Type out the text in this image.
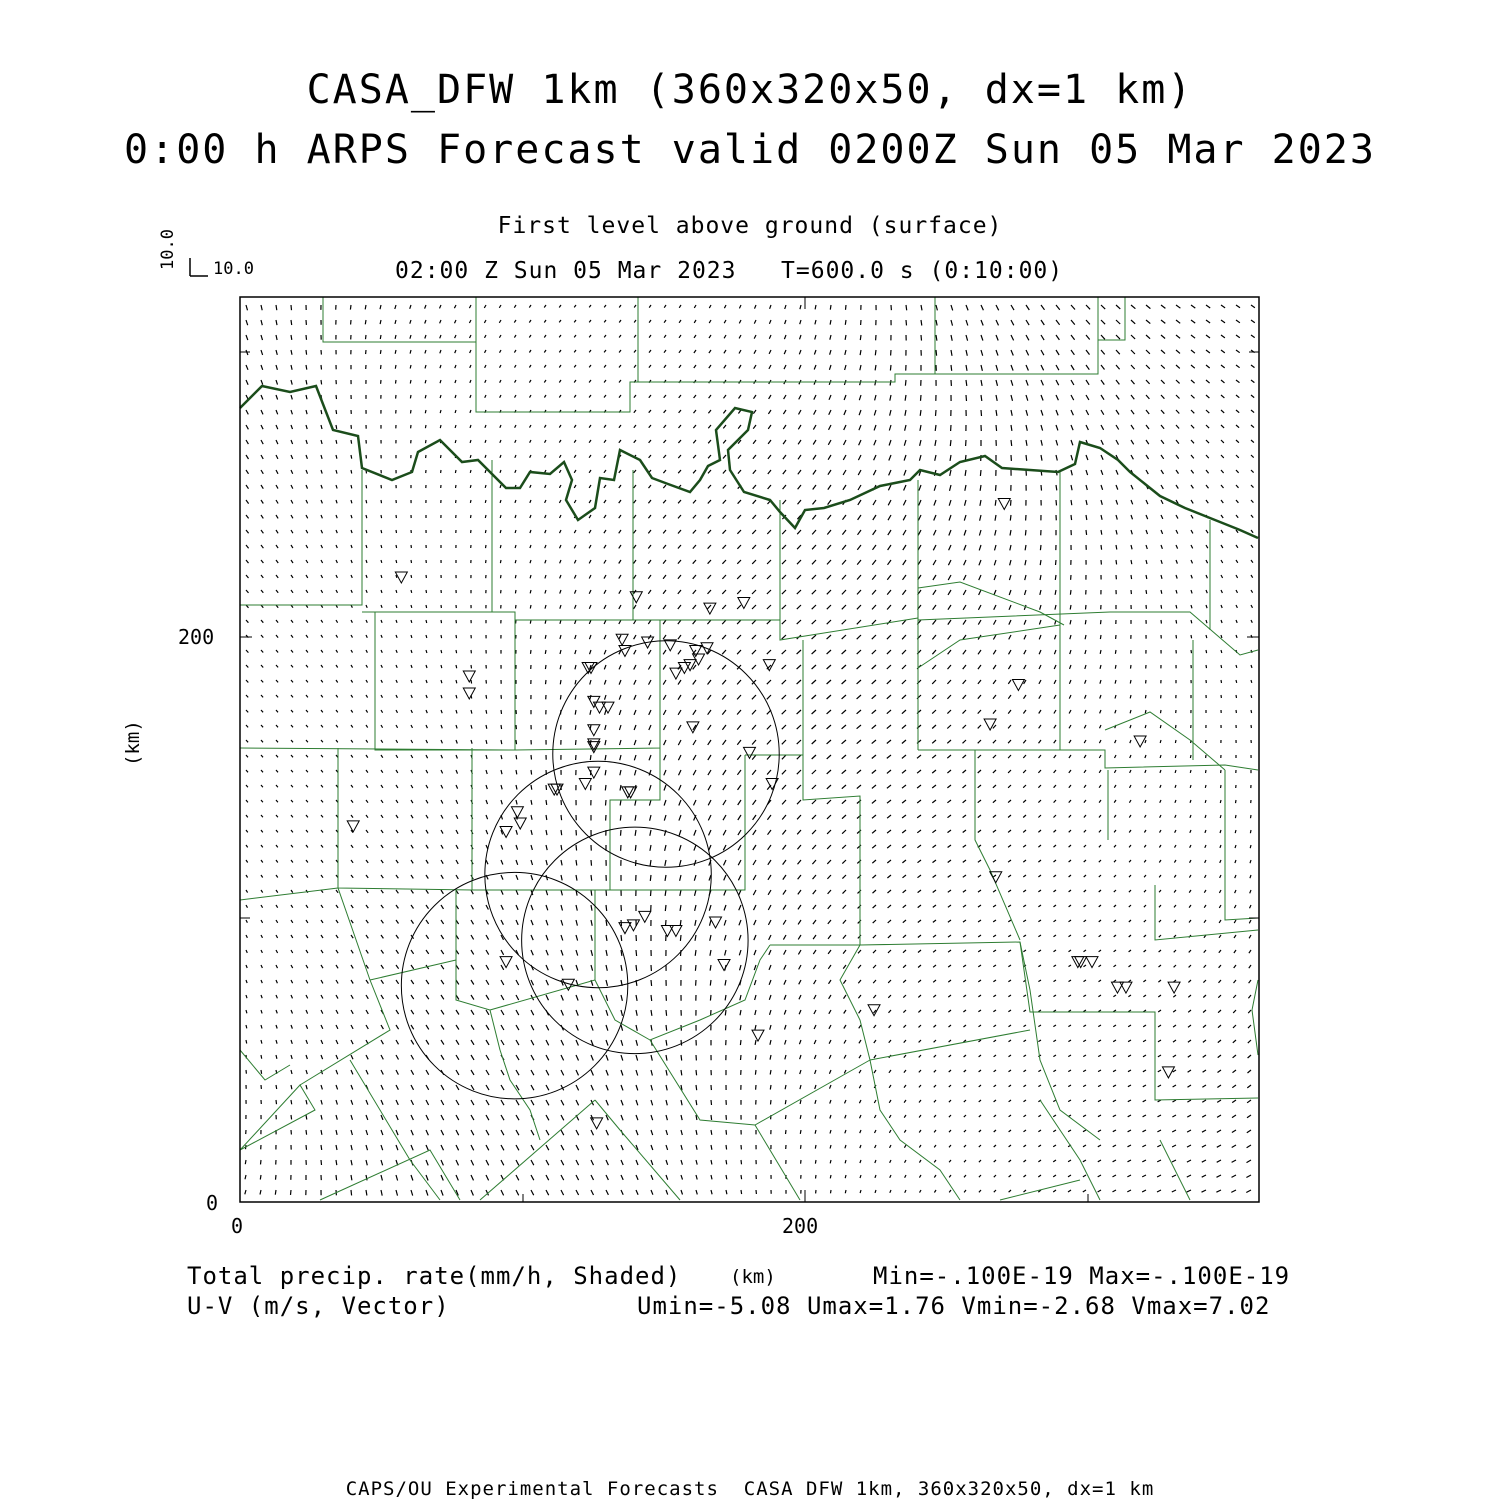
CASA_DFW 1km (360x320x50, dx=1 km)
0:00 h ARPS Forecast valid 0200Z Sun 05 Mar 2023
First level above ground (surface)
02:00 Z Sun 05 Mar 2023   T=600.0 s (0:10:00)
10.0
10.0
(km)
200
0
0	200
(km)
Total precip. rate(mm/h, Shaded)
U-V (m/s, Vector)
Min=-.100E-19 Max=-.100E-19
Umin=-5.08 Umax=1.76 Vmin=-2.68 Vmax=7.02
CAPS/OU Experimental Forecasts  CASA DFW 1km, 360x320x50, dx=1 km
